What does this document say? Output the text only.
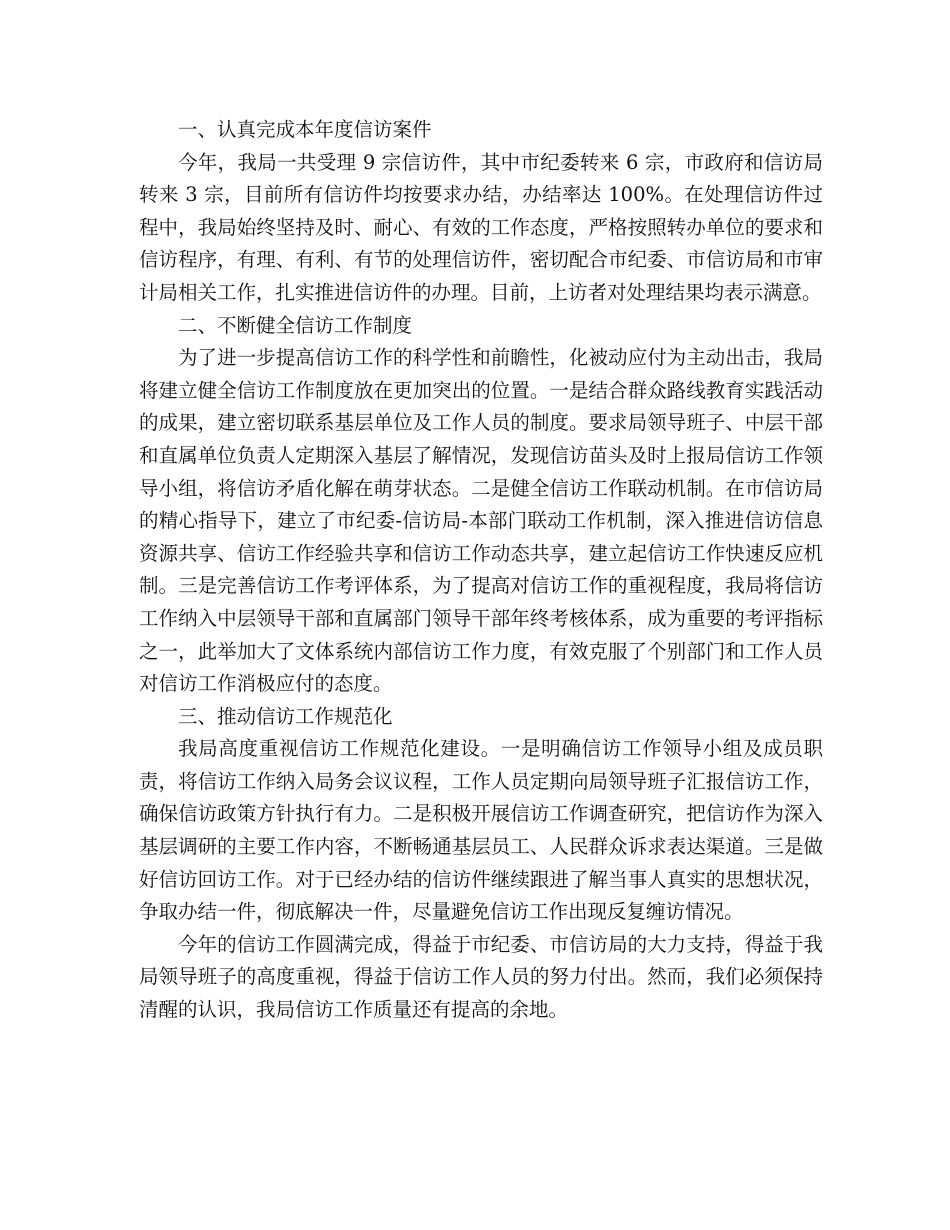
一、认真完成本年度信访案件

今年，我局一共受理 9 宗信访件，其中市纪委转来 6 宗，市政府和信访局转来 3 宗，目前所有信访件均按要求办结，办结率达 100%。在处理信访件过程中，我局始终坚持及时、耐心、有效的工作态度，严格按照转办单位的要求和信访程序，有理、有利、有节的处理信访件，密切配合市纪委、市信访局和市审计局相关工作，扎实推进信访件的办理。目前，上访者对处理结果均表示满意。

二、不断健全信访工作制度

为了进一步提高信访工作的科学性和前瞻性，化被动应付为主动出击，我局将建立健全信访工作制度放在更加突出的位置。一是结合群众路线教育实践活动的成果，建立密切联系基层单位及工作人员的制度。要求局领导班子、中层干部和直属单位负责人定期深入基层了解情况，发现信访苗头及时上报局信访工作领导小组，将信访矛盾化解在萌芽状态。二是健全信访工作联动机制。在市信访局的精心指导下，建立了市纪委-信访局-本部门联动工作机制，深入推进信访信息资源共享、信访工作经验共享和信访工作动态共享，建立起信访工作快速反应机制。三是完善信访工作考评体系，为了提高对信访工作的重视程度，我局将信访工作纳入中层领导干部和直属部门领导干部年终考核体系，成为重要的考评指标之一，此举加大了文体系统内部信访工作力度，有效克服了个别部门和工作人员对信访工作消极应付的态度。

三、推动信访工作规范化

我局高度重视信访工作规范化建设。一是明确信访工作领导小组及成员职责，将信访工作纳入局务会议议程，工作人员定期向局领导班子汇报信访工作，确保信访政策方针执行有力。二是积极开展信访工作调查研究，把信访作为深入基层调研的主要工作内容，不断畅通基层员工、人民群众诉求表达渠道。三是做好信访回访工作。对于已经办结的信访件继续跟进了解当事人真实的思想状况，争取办结一件，彻底解决一件，尽量避免信访工作出现反复缠访情况。

今年的信访工作圆满完成，得益于市纪委、市信访局的大力支持，得益于我局领导班子的高度重视，得益于信访工作人员的努力付出。然而，我们必须保持清醒的认识，我局信访工作质量还有提高的余地。
